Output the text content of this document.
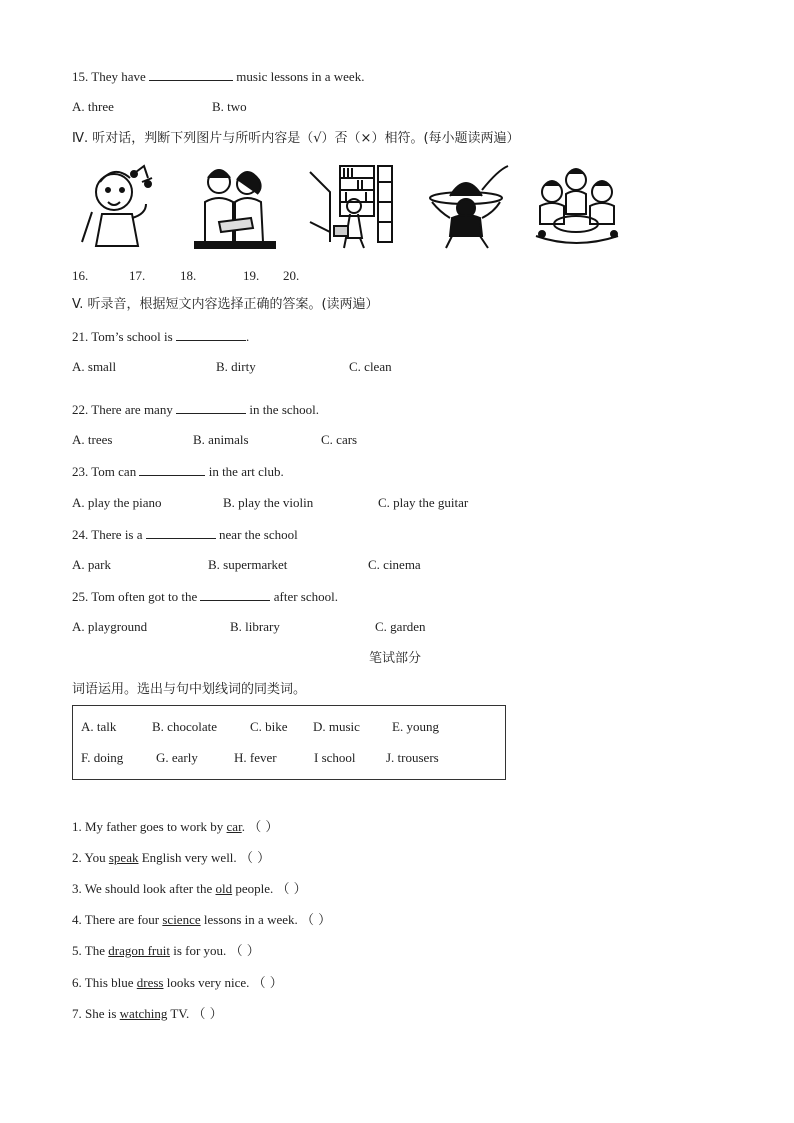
15. They have	music lessons in a week.
A. three	B. two
Ⅳ. 听对话，判断下列图片与所听内容是（√）否（×）相符。(每小题读两遍）
16.	17.	18.	19. 20.
V. 听录音，根据短文内容选择正确的答案。(读两遍）
21. Tom’s school is	.
A. small	B. dirty	C. clean
22. There are many	in the school.
A. trees	B. animals	C. cars
23. Tom can	in the art club.
A. play the piano	B. play the violin	C. play the guitar
24. There is a	near the school
A. park	B. supermarket	C. cinema
25. Tom often got to the	after school.
A. playground	B. library	C. garden
笔试部分
词语运用。选出与句中划线词的同类词。
A. talk	B. chocolate	C. bike D. music E. young
F. doing	G. early	H. fever	I school J. trousers
1. My father goes to work by car. （ ）
2. You speak English very well. （ ）
3. We should look after the old people. （ ）
4. There are four science lessons in a week. （ ）
5. The dragon fruit is for you. （ ）
6. This blue dress looks very nice. （ ）
7. She is watching TV. （ ）
